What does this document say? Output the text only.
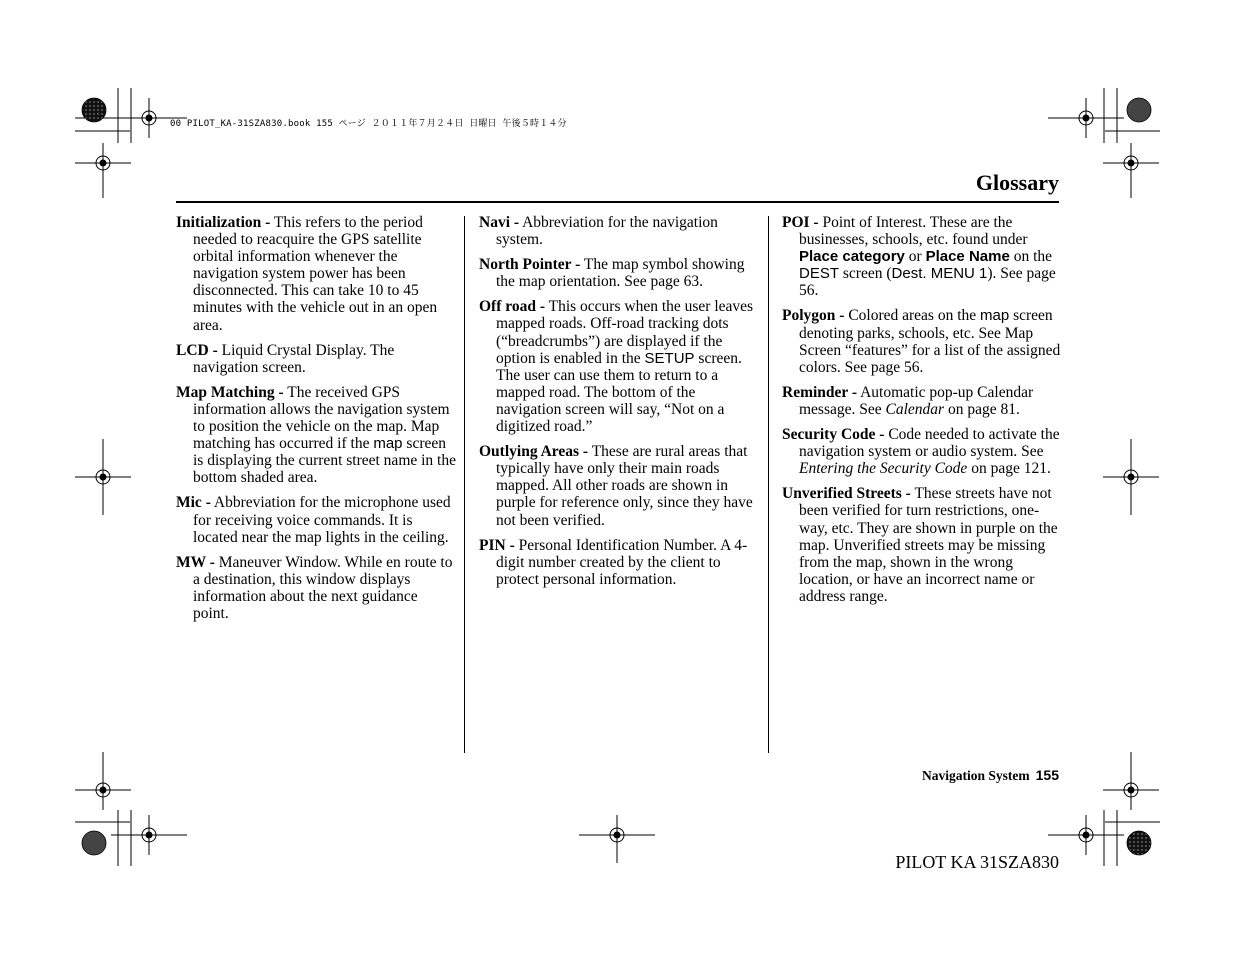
00 PILOT_KA-31SZA830.book 155 ページ ２０１１年７月２４日 日曜日 午後５時１４分
Glossary

Initialization - This refers to the period needed to reacquire the GPS satellite orbital information whenever the navigation system power has been disconnected. This can take 10 to 45 minutes with the vehicle out in an open area.

LCD - Liquid Crystal Display. The navigation screen.

Map Matching - The received GPS information allows the navigation system to position the vehicle on the map. Map matching has occurred if the map screen is displaying the current street name in the bottom shaded area.

Mic - Abbreviation for the microphone used for receiving voice commands. It is located near the map lights in the ceiling.

MW - Maneuver Window. While en route to a destination, this window displays information about the next guidance point.

Navi - Abbreviation for the navigation system.

North Pointer - The map symbol showing the map orientation. See page 63.

Off road - This occurs when the user leaves mapped roads. Off-road tracking dots (“breadcrumbs”) are displayed if the option is enabled in the SETUP screen. The user can use them to return to a mapped road. The bottom of the navigation screen will say, “Not on a digitized road.”

Outlying Areas - These are rural areas that typically have only their main roads mapped. All other roads are shown in purple for reference only, since they have not been verified.

PIN - Personal Identification Number. A 4-digit number created by the client to protect personal information.

POI - Point of Interest. These are the businesses, schools, etc. found under Place category or Place Name on the DEST screen (Dest. MENU 1). See page 56.

Polygon - Colored areas on the map screen denoting parks, schools, etc. See Map Screen “features” for a list of the assigned colors. See page 56.

Reminder - Automatic pop-up Calendar message. See Calendar on page 81.

Security Code - Code needed to activate the navigation system or audio system. See Entering the Security Code on page 121.

Unverified Streets - These streets have not been verified for turn restrictions, one-way, etc. They are shown in purple on the map. Unverified streets may be missing from the map, shown in the wrong location, or have an incorrect name or address range.

Navigation System 155
PILOT KA 31SZA830
